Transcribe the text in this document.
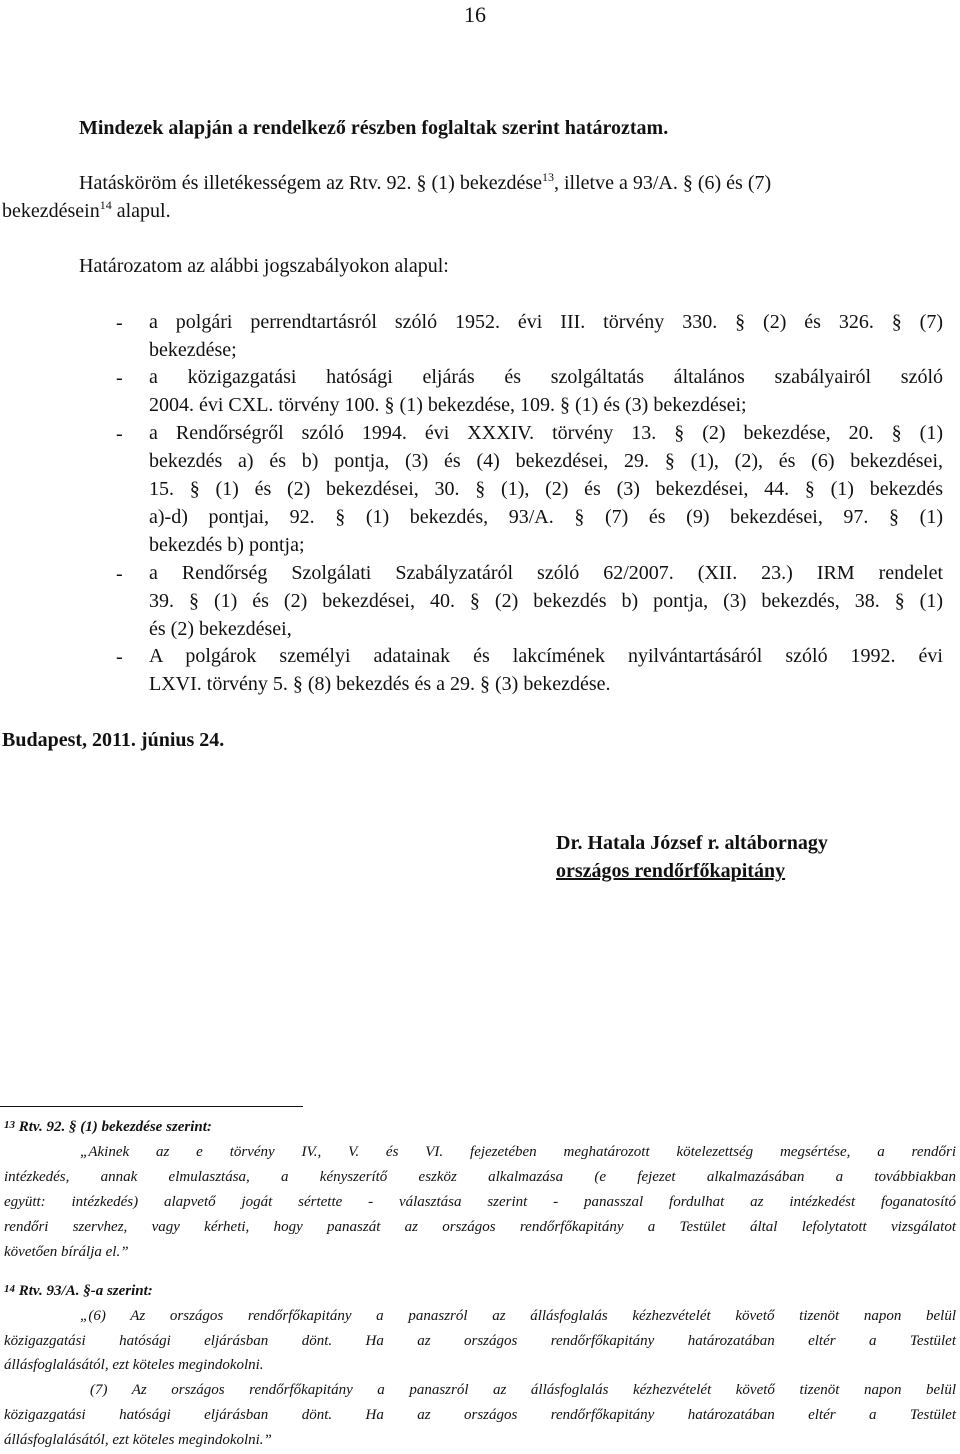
16
Mindezek alapján a rendelkező részben foglaltak szerint határoztam.
Hatásköröm és illetékességem az Rtv. 92. § (1) bekezdése$^{13}$, illetve a 93/A. § (6) és (7)
bekezdésein$^{14}$ alapul.
Határozatom az alábbi jogszabályokon alapul:
- a polgári perrendtartásról szóló 1952. évi III. törvény 330. § (2) és 326. § (7)
bekezdése;
- a közigazgatási hatósági eljárás és szolgáltatás általános szabályairól szóló
2004. évi CXL. törvény 100. § (1) bekezdése, 109. § (1) és (3) bekezdései;
- a Rendőrségről szóló 1994. évi XXXIV. törvény 13. § (2) bekezdése, 20. § (1)
bekezdés a) és b) pontja, (3) és (4) bekezdései, 29. § (1), (2), és (6) bekezdései,
15. § (1) és (2) bekezdései, 30. § (1), (2) és (3) bekezdései, 44. § (1) bekezdés
a)-d) pontjai, 92. § (1) bekezdés, 93/A. § (7) és (9) bekezdései, 97. § (1)
bekezdés b) pontja;
- a Rendőrség Szolgálati Szabályzatáról szóló 62/2007. (XII. 23.) IRM rendelet
39. § (1) és (2) bekezdései, 40. § (2) bekezdés b) pontja, (3) bekezdés, 38. § (1)
és (2) bekezdései,
- A polgárok személyi adatainak és lakcímének nyilvántartásáról szóló 1992. évi
LXVI. törvény 5. § (8) bekezdés és a 29. § (3) bekezdése.
Budapest, 2011. június 24.
Dr. Hatala József r. altábornagy
országos rendőrfőkapitány
$^{13}$ Rtv. 92. § (1) bekezdése szerint:
„Akinek az e törvény IV., V. és VI. fejezetében meghatározott kötelezettség megsértése, a rendőri
intézkedés, annak elmulasztása, a kényszerítő eszköz alkalmazása (e fejezet alkalmazásában a továbbiakban
együtt: intézkedés) alapvető jogát sértette - választása szerint - panasszal fordulhat az intézkedést foganatosító
rendőri szervhez, vagy kérheti, hogy panaszát az országos rendőrfőkapitány a Testület által lefolytatott vizsgálatot
követően bírálja el.”
$^{14}$ Rtv. 93/A. §-a szerint:
„(6) Az országos rendőrfőkapitány a panaszról az állásfoglalás kézhezvételét követő tizenöt napon belül
közigazgatási hatósági eljárásban dönt. Ha az országos rendőrfőkapitány határozatában eltér a Testület
állásfoglalásától, ezt köteles megindokolni.
(7) Az országos rendőrfőkapitány a panaszról az állásfoglalás kézhezvételét követő tizenöt napon belül
közigazgatási hatósági eljárásban dönt. Ha az országos rendőrfőkapitány határozatában eltér a Testület
állásfoglalásától, ezt köteles megindokolni.”
